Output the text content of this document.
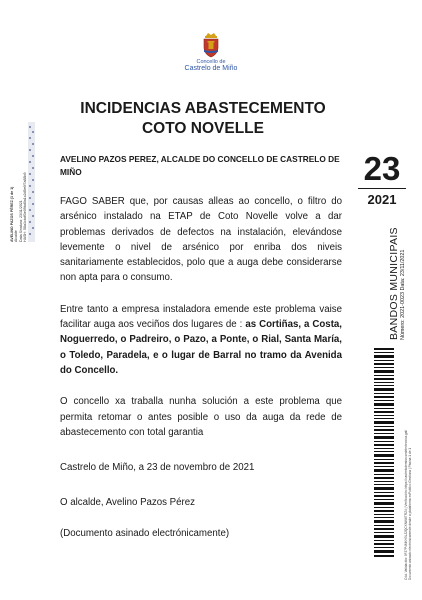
Concello de
Castrelo de Miño
AVELINO PAZOS PÉREZ (1 de 1) Alcalde Data Sinatura: 23/11/2021 HASH: 58a1cbdf3e09bd0a1c2d5e6f7a88b9
INCIDENCIAS ABASTECEMENTO
COTO NOVELLE
AVELINO PAZOS PEREZ, ALCALDE DO CONCELLO DE CASTRELO DE
MIÑO

FAGO SABER que, por causas alleas ao concello, o filtro do arsénico instalado na ETAP de Coto Novelle volve a dar problemas derivados de defectos na instalación, elevándose levemente o nivel de arsénico por enriba dos niveis sanitariamente establecidos, polo que a auga debe considerarse non apta para o consumo.

Entre tanto a empresa instaladora emende este problema vaise facilitar auga aos veciños dos lugares de : as Cortiñas, a Costa, Noguerredo, o Padreiro, o Pazo, a Ponte, o Rial, Santa María, o Toledo, Paradela, e o lugar de Barral no tramo da Avenida do Concello.

O concello xa traballa nunha solución a este problema que permita retomar o antes posible o uso da auga da rede de abastecemento con total garantia

Castrelo de Miño, a 23 de novembro de 2021
O alcalde, Avelino Pazos Pérez
(Documento asinado electrónicamente)
23
2021
BANDOS MUNICIPAIS Número: 2021-0023 Data: 23/11/2021
Cód. Validación: 9FJ7P4MKH3LJ2QCXNW6TRZ4 | Verificación: https://castrelodemino.sedelectronica.gal/ Documento asinado electrónicamente desde a plataforma esPublico Gestiona | Páxina 1 de 1
